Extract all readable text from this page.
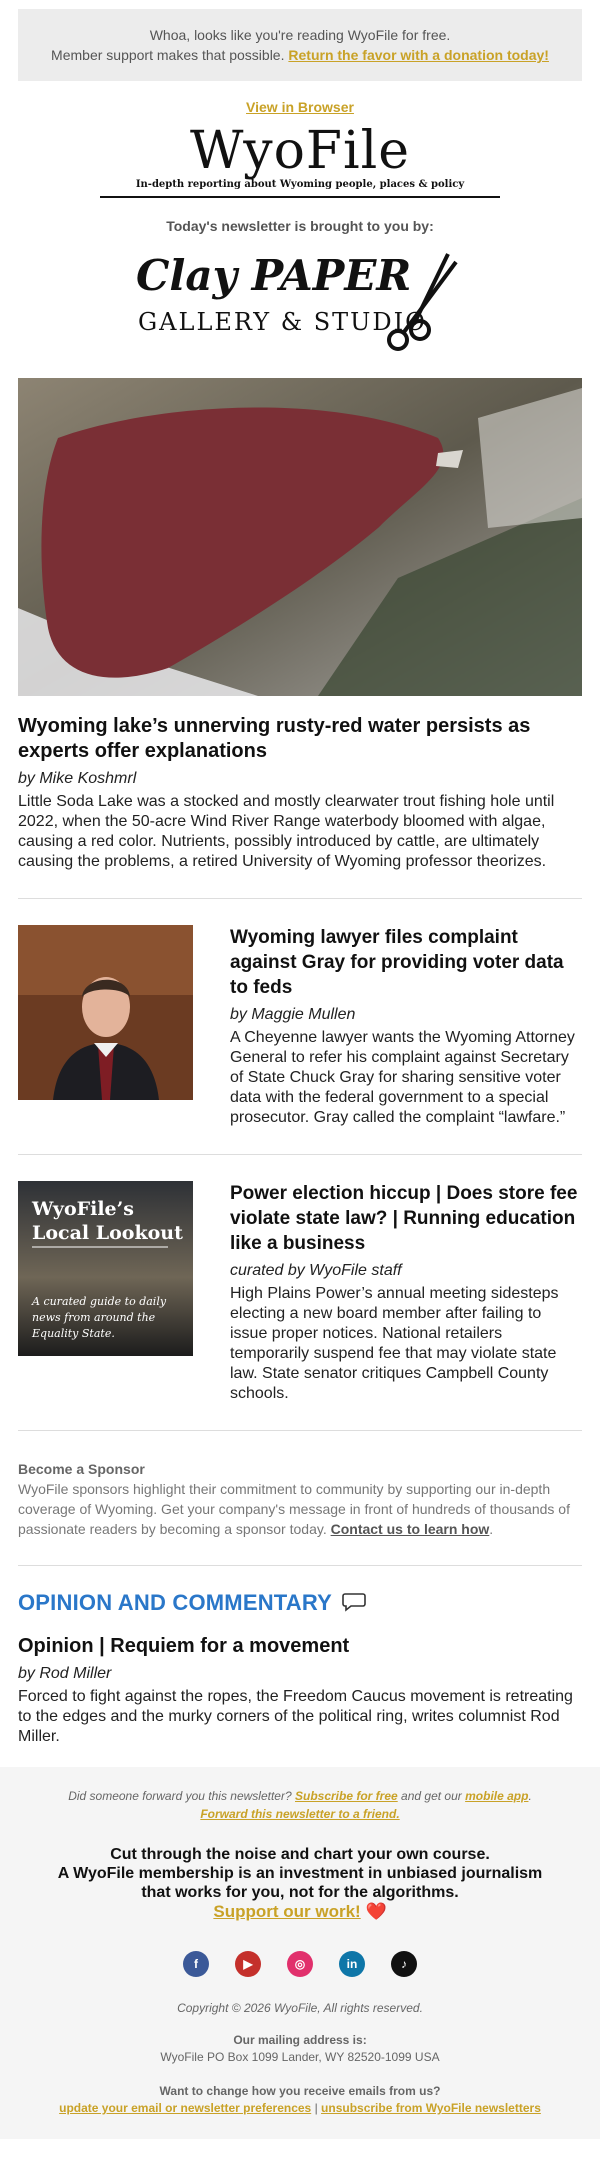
Whoa, looks like you're reading WyoFile for free.
Member support makes that possible. Return the favor with a donation today!
View in Browser
WyoFile
In-depth reporting about Wyoming people, places & policy
Today's newsletter is brought to you by:
Clay PAPER
GALLERY & STUDIO
Wyoming lake’s unnerving rusty-red water persists as experts offer explanations
by Mike Koshmrl
Little Soda Lake was a stocked and mostly clearwater trout fishing hole until 2022, when the 50-acre Wind River Range waterbody bloomed with algae, causing a red color. Nutrients, possibly introduced by cattle, are ultimately causing the problems, a retired University of Wyoming professor theorizes.
Wyoming lawyer files complaint against Gray for providing voter data to feds
by Maggie Mullen
A Cheyenne lawyer wants the Wyoming Attorney General to refer his complaint against Secretary of State Chuck Gray for sharing sensitive voter data with the federal government to a special prosecutor. Gray called the complaint “lawfare.”
WyoFile’s
Local Lookout
A curated guide to daily
news from around the
Equality State.
Power election hiccup | Does store fee violate state law? | Running education like a business
curated by WyoFile staff
High Plains Power’s annual meeting sidesteps electing a new board member after failing to issue proper notices. National retailers temporarily suspend fee that may violate state law. State senator critiques Campbell County schools.
Become a Sponsor
WyoFile sponsors highlight their commitment to community by supporting our in-depth coverage of Wyoming. Get your company's message in front of hundreds of thousands of passionate readers by becoming a sponsor today. Contact us to learn how.
OPINION AND COMMENTARY
Opinion | Requiem for a movement
by Rod Miller
Forced to fight against the ropes, the Freedom Caucus movement is retreating to the edges and the murky corners of the political ring, writes columnist Rod Miller.
Did someone forward you this newsletter? Subscribe for free and get our mobile app.
Forward this newsletter to a friend.
Cut through the noise and chart your own course.
A WyoFile membership is an investment in unbiased journalism
that works for you, not for the algorithms.
Support our work! ❤️
f	▶	◎	in	♪
Copyright © 2026 WyoFile, All rights reserved.
Our mailing address is:
WyoFile PO Box 1099 Lander, WY 82520-1099 USA
Want to change how you receive emails from us?
update your email or newsletter preferences | unsubscribe from WyoFile newsletters
